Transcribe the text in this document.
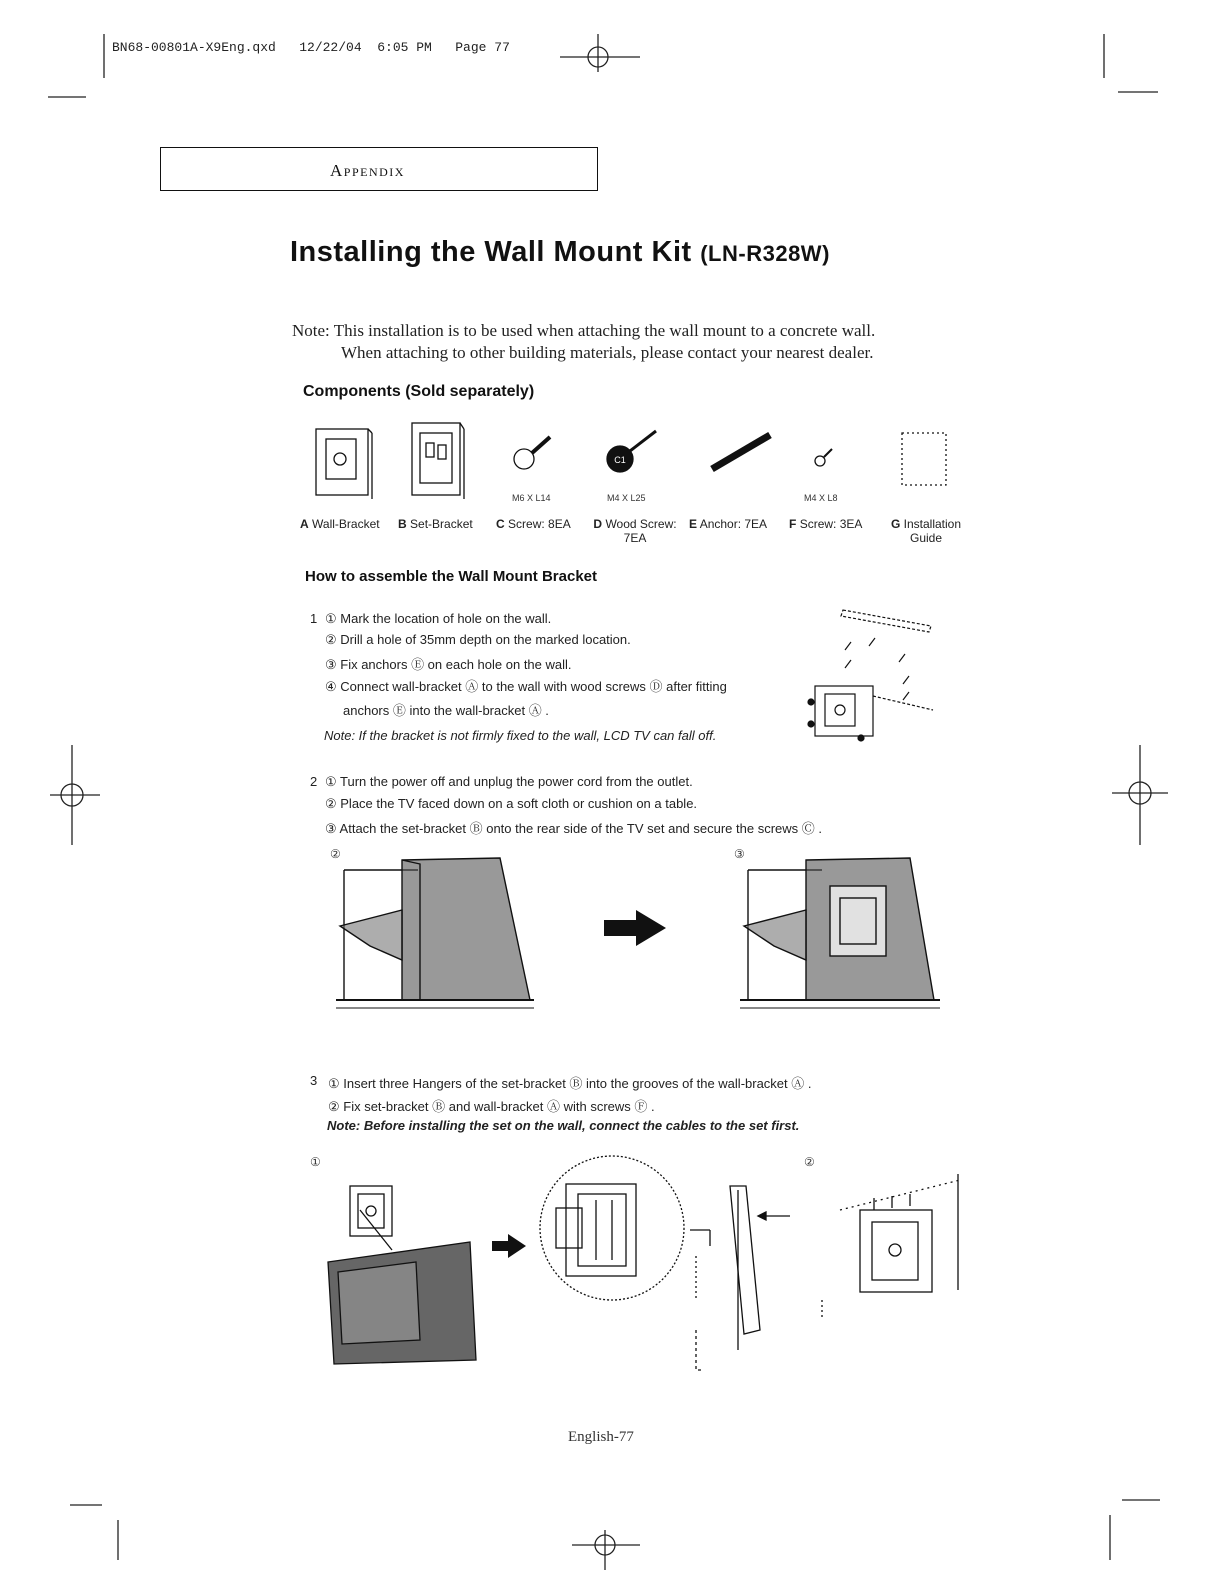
BN68-00801A-X9Eng.qxd   12/22/04  6:05 PM   Page 77
Appendix
Installing the Wall Mount Kit (LN-R328W)
Note: This installation is to be used when attaching the wall mount to a concrete wall.
When attaching to other building materials, please contact your nearest dealer.
Components (Sold separately)
C1
M6 X L14	M4 X L25	M4 X L8
A Wall-Bracket B Set-Bracket C Screw: 8EA	D Wood Screw:
7EA
E Anchor: 7EA F Screw: 3EA	G Installation
Guide
How to assemble the Wall Mount Bracket
1 ① Mark the location of hole on the wall.
② Drill a hole of 35mm depth on the marked location.
③ Fix anchors Ⓔ on each hole on the wall.
④ Connect wall-bracket Ⓐ to the wall with wood screws Ⓓ after fitting
anchors Ⓔ into the wall-bracket Ⓐ .
Note: If the bracket is not firmly fixed to the wall, LCD TV can fall off.
2 ① Turn the power off and unplug the power cord from the outlet.
② Place the TV faced down on a soft cloth or cushion on a table.
③ Attach the set-bracket Ⓑ onto the rear side of the TV set and secure the screws Ⓒ .
②	③
3 ① Insert three Hangers of the set-bracket Ⓑ into the grooves of the wall-bracket Ⓐ .
② Fix set-bracket Ⓑ and wall-bracket Ⓐ with screws Ⓕ .
Note: Before installing the set on the wall, connect the cables to the set first.
①	②
English-77
